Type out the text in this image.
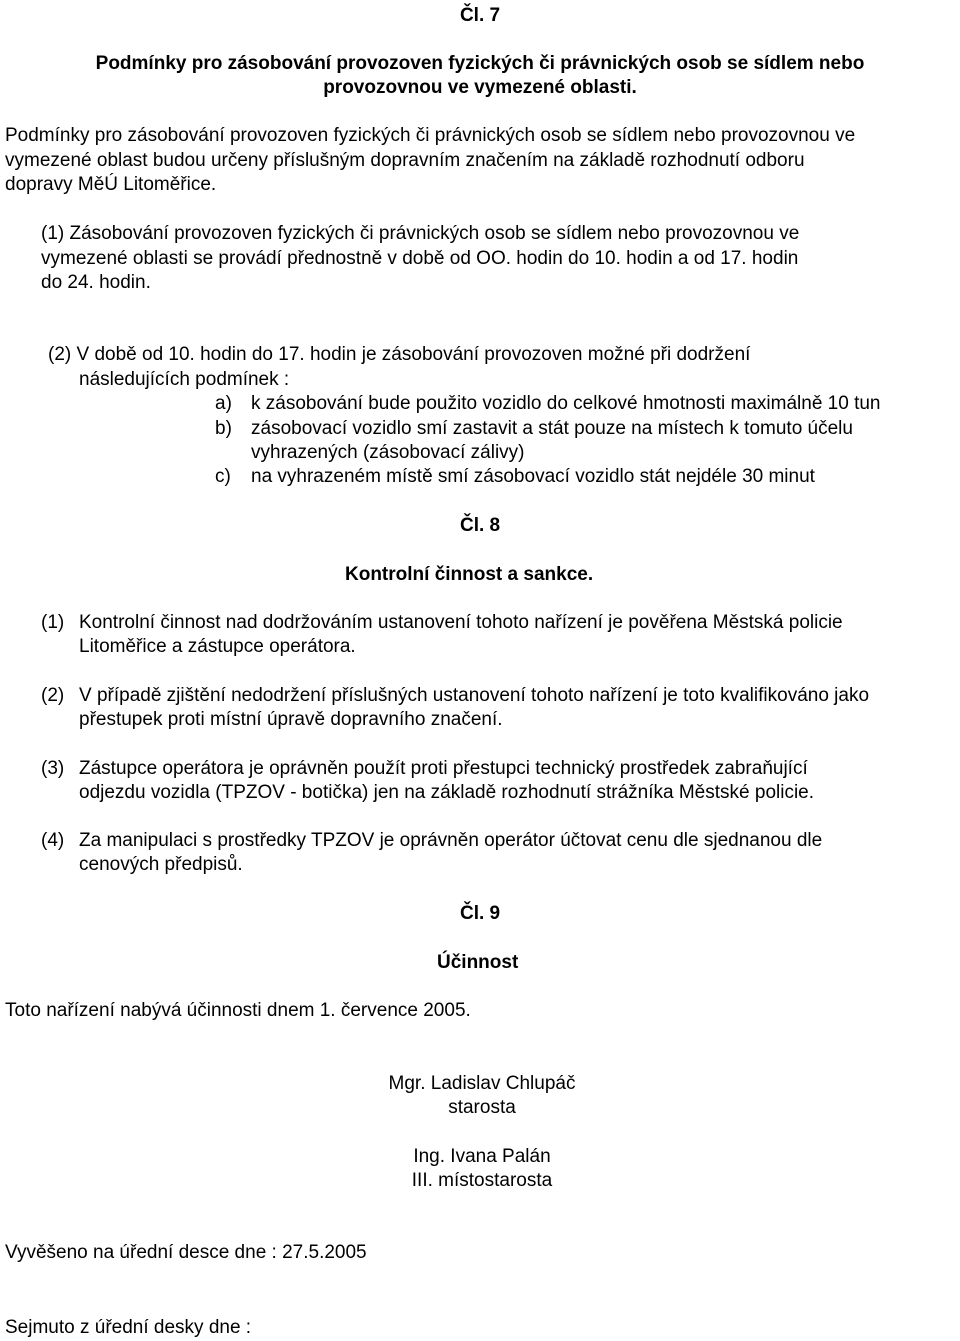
Čl. 7
Podmínky pro zásobování provozoven fyzických či právnických osob se sídlem nebo
provozovnou ve vymezené oblasti.
Podmínky pro zásobování provozoven fyzických či právnických osob se sídlem nebo provozovnou ve
vymezené oblast budou určeny příslušným dopravním značením na základě rozhodnutí odboru
dopravy MěÚ Litoměřice.
(1) Zásobování provozoven fyzických či právnických osob se sídlem nebo provozovnou ve
vymezené oblasti se provádí přednostně v době od OO. hodin do 10. hodin a od 17. hodin
do 24. hodin.
(2) V době od 10. hodin do 17. hodin je zásobování provozoven možné při dodržení
následujících podmínek :
a) k zásobování bude použito vozidlo do celkové hmotnosti maximálně 10 tun
b) zásobovací vozidlo smí zastavit a stát pouze na místech k tomuto účelu
vyhrazených (zásobovací zálivy)
c) na vyhrazeném místě smí zásobovací vozidlo stát nejdéle 30 minut
Čl. 8
Kontrolní činnost a sankce.
(1) Kontrolní činnost nad dodržováním ustanovení tohoto nařízení je pověřena Městská policie
Litoměřice a zástupce operátora.
(2) V případě zjištění nedodržení příslušných ustanovení tohoto nařízení je toto kvalifikováno jako
přestupek proti místní úpravě dopravního značení.
(3) Zástupce operátora je oprávněn použít proti přestupci technický prostředek zabraňující
odjezdu vozidla (TPZOV - botička) jen na základě rozhodnutí strážníka Městské policie.
(4) Za manipulaci s prostředky TPZOV je oprávněn operátor účtovat cenu dle sjednanou dle
cenových předpisů.
Čl. 9
Účinnost
Toto nařízení nabývá účinnosti dnem 1. července 2005.
Mgr. Ladislav Chlupáč
starosta
Ing. Ivana Palán
III. místostarosta
Vyvěšeno na úřední desce dne : 27.5.2005
Sejmuto z úřední desky dne :
